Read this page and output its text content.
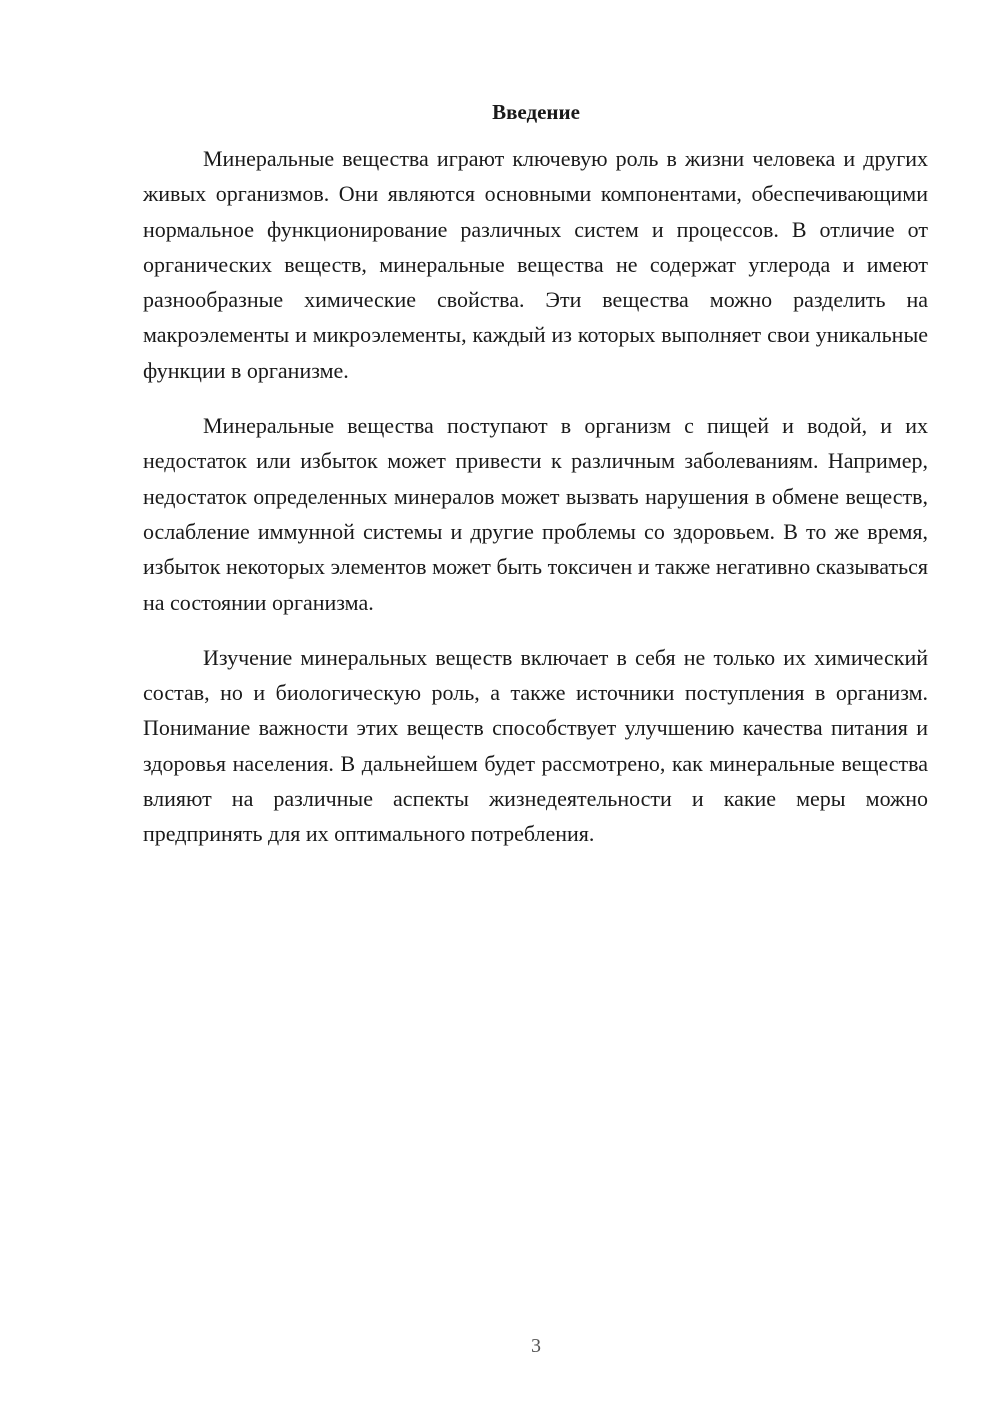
Введение

Минеральные вещества играют ключевую роль в жизни человека и других живых организмов. Они являются основными компонентами, обеспечивающими нормальное функционирование различных систем и процессов. В отличие от органических веществ, минеральные вещества не содержат углерода и имеют разнообразные химические свойства. Эти вещества можно разделить на макроэлементы и микроэлементы, каждый из которых выполняет свои уникальные функции в организме.

Минеральные вещества поступают в организм с пищей и водой, и их недостаток или избыток может привести к различным заболеваниям. Например, недостаток определенных минералов может вызвать нарушения в обмене веществ, ослабление иммунной системы и другие проблемы со здоровьем. В то же время, избыток некоторых элементов может быть токсичен и также негативно сказываться на состоянии организма.

Изучение минеральных веществ включает в себя не только их химический состав, но и биологическую роль, а также источники поступления в организм. Понимание важности этих веществ способствует улучшению качества питания и здоровья населения. В дальнейшем будет рассмотрено, как минеральные вещества влияют на различные аспекты жизнедеятельности и какие меры можно предпринять для их оптимального потребления.

3
